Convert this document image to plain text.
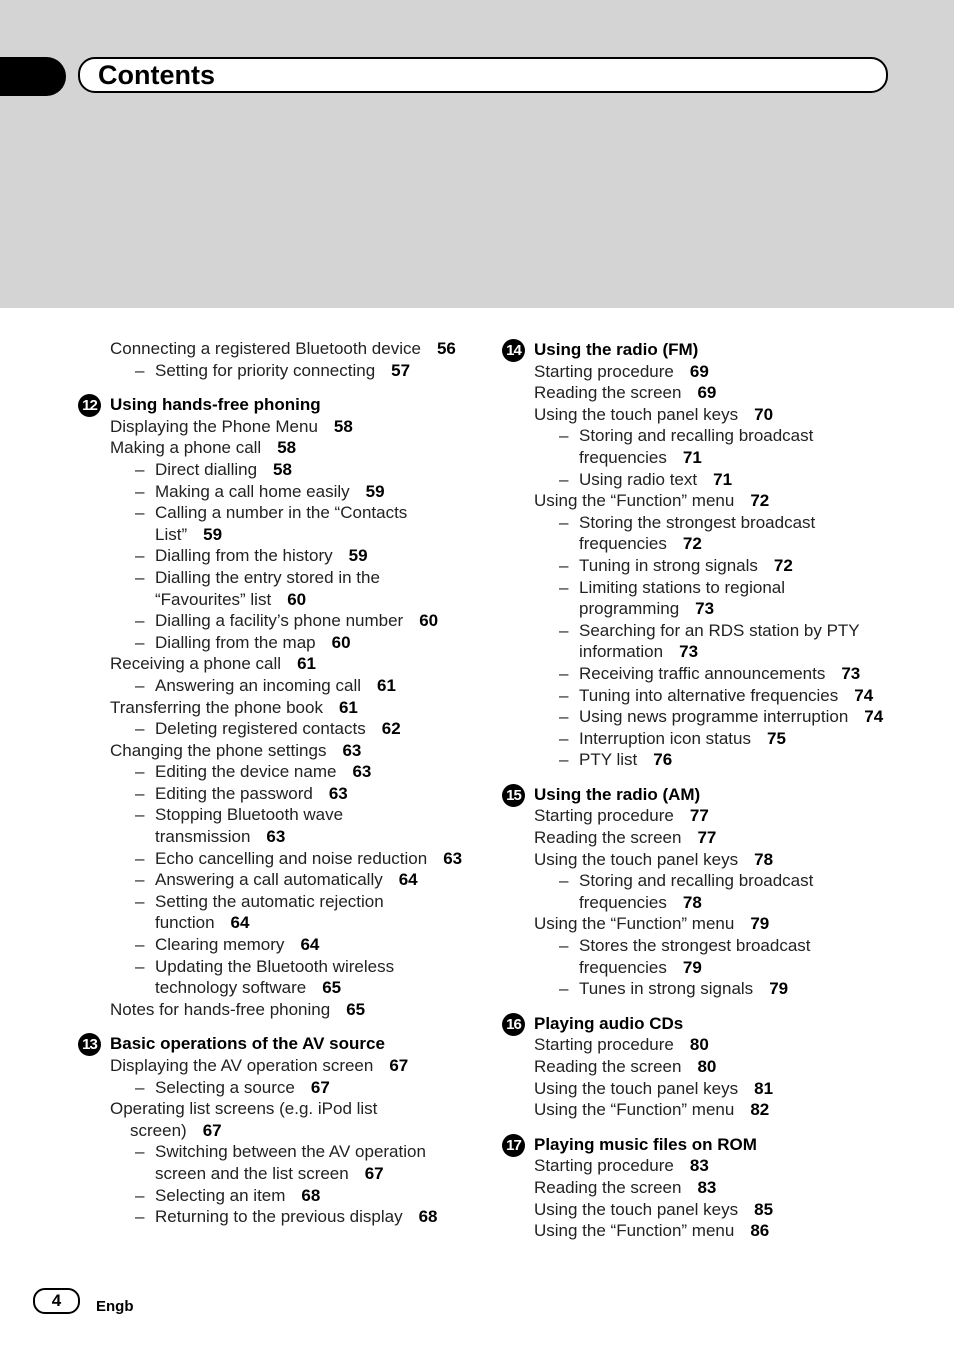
Contents
Connecting a registered Bluetooth device 56
– Setting for priority connecting 57
12 Using hands-free phoning
Displaying the Phone Menu 58
Making a phone call 58
– Direct dialling 58
– Making a call home easily 59
– Calling a number in the “Contacts List” 59
– Dialling from the history 59
– Dialling the entry stored in the “Favourites” list 60
– Dialling a facility’s phone number 60
– Dialling from the map 60
Receiving a phone call 61
– Answering an incoming call 61
Transferring the phone book 61
– Deleting registered contacts 62
Changing the phone settings 63
– Editing the device name 63
– Editing the password 63
– Stopping Bluetooth wave transmission 63
– Echo cancelling and noise reduction 63
– Answering a call automatically 64
– Setting the automatic rejection function 64
– Clearing memory 64
– Updating the Bluetooth wireless technology software 65
Notes for hands-free phoning 65
13 Basic operations of the AV source
Displaying the AV operation screen 67
– Selecting a source 67
Operating list screens (e.g. iPod list screen) 67
– Switching between the AV operation screen and the list screen 67
– Selecting an item 68
– Returning to the previous display 68
14 Using the radio (FM)
Starting procedure 69
Reading the screen 69
Using the touch panel keys 70
– Storing and recalling broadcast frequencies 71
– Using radio text 71
Using the “Function” menu 72
– Storing the strongest broadcast frequencies 72
– Tuning in strong signals 72
– Limiting stations to regional programming 73
– Searching for an RDS station by PTY information 73
– Receiving traffic announcements 73
– Tuning into alternative frequencies 74
– Using news programme interruption 74
– Interruption icon status 75
– PTY list 76
15 Using the radio (AM)
Starting procedure 77
Reading the screen 77
Using the touch panel keys 78
– Storing and recalling broadcast frequencies 78
Using the “Function” menu 79
– Stores the strongest broadcast frequencies 79
– Tunes in strong signals 79
16 Playing audio CDs
Starting procedure 80
Reading the screen 80
Using the touch panel keys 81
Using the “Function” menu 82
17 Playing music files on ROM
Starting procedure 83
Reading the screen 83
Using the touch panel keys 85
Using the “Function” menu 86
4	Engb
